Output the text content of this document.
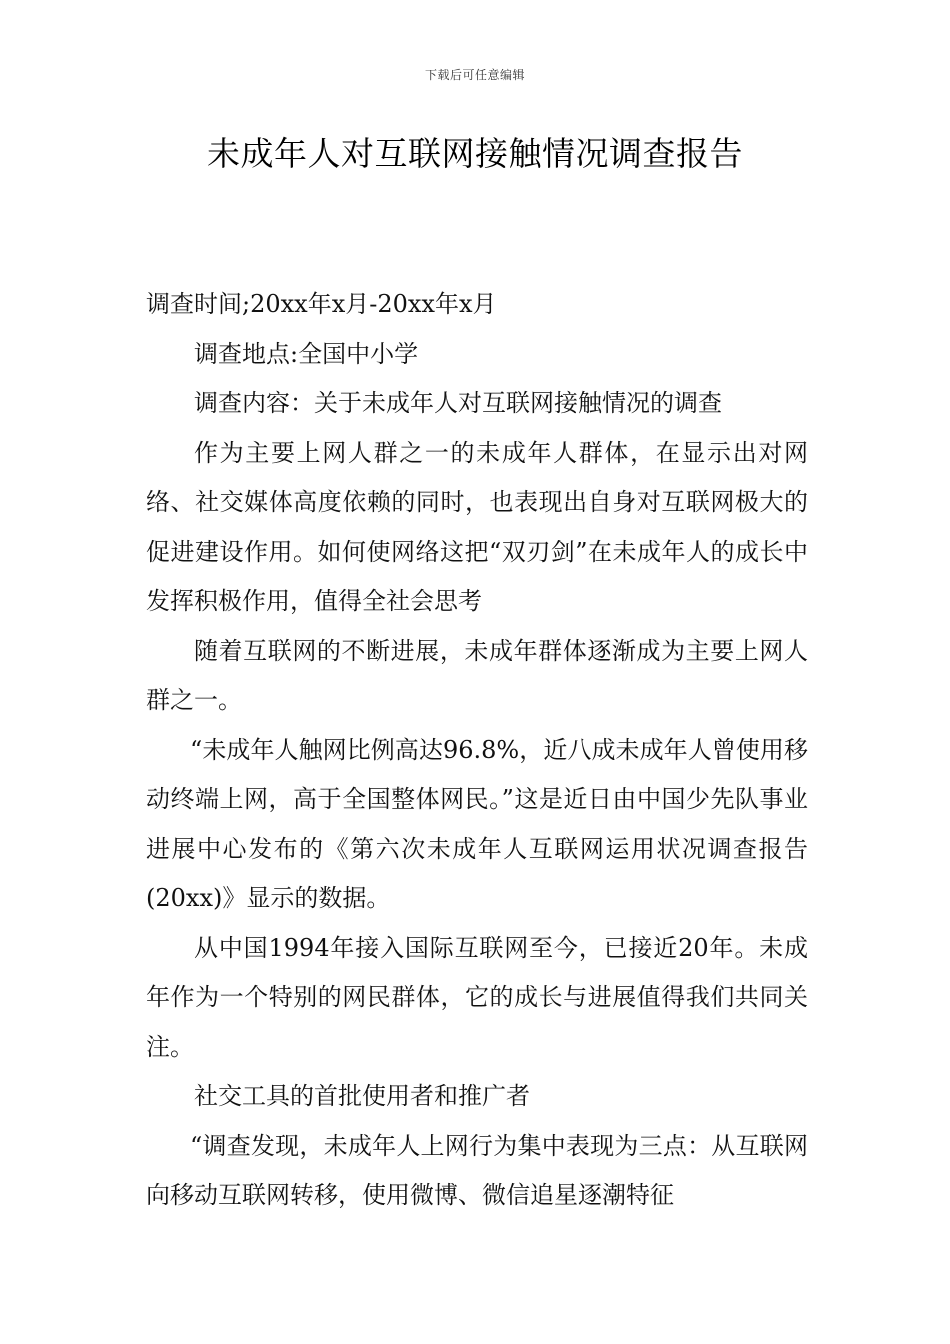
下载后可任意编辑
未成年人对互联网接触情况调查报告

调查时间;20xx年x月-20xx年x月

调查地点:全国中小学

调查内容：关于未成年人对互联网接触情况的调查

作为主要上网人群之一的未成年人群体，在显示出对网络、社交媒体高度依赖的同时，也表现出自身对互联网极大的促进建设作用。如何使网络这把“双刃剑”在未成年人的成长中发挥积极作用，值得全社会思考

随着互联网的不断进展，未成年群体逐渐成为主要上网人群之一。

“未成年人触网比例高达96.8%，近八成未成年人曾使用移动终端上网，高于全国整体网民。”这是近日由中国少先队事业进展中心发布的《第六次未成年人互联网运用状况调查报告(20xx)》显示的数据。

从中国1994年接入国际互联网至今，已接近20年。未成年作为一个特别的网民群体，它的成长与进展值得我们共同关注。

社交工具的首批使用者和推广者

“调查发现，未成年人上网行为集中表现为三点：从互联网向移动互联网转移，使用微博、微信追星逐潮特征
